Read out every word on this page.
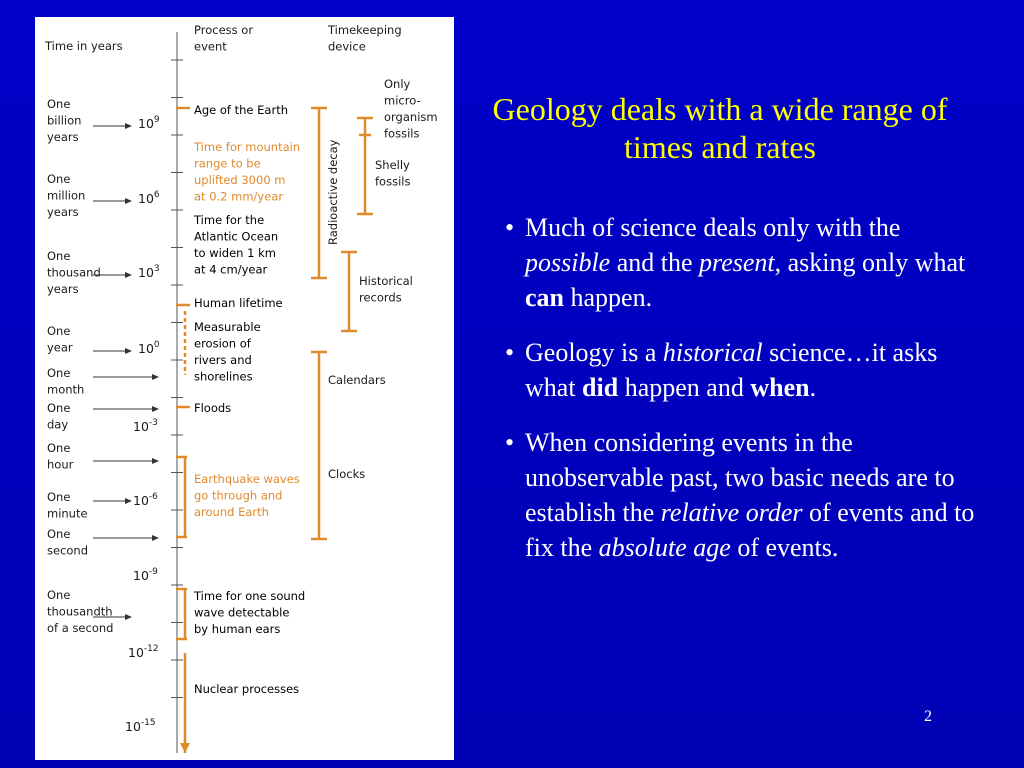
Time in years
Process or
event
Timekeeping
device
One
billion
years
One
million
years
One
thousand
years
One
year
One
month
One
day
One
hour
One
minute
One
second
One
thousandth
of a second
$10^9$
$10^6$
$10^3$
$10^0$
$10^{-3}$
$10^{-6}$
$10^{-9}$
$10^{-12}$
$10^{-15}$
Age of the Earth
Time for mountain
range to be
uplifted 3000 m
at 0.2 mm/year
Time for the
Atlantic Ocean
to widen 1 km
at 4 cm/year
Human lifetime
Measurable
erosion of
rivers and
shorelines
Floods
Earthquake waves
go through and
around Earth
Time for one sound
wave detectable
by human ears
Nuclear processes
Only
micro-
organism
fossils
Shelly
fossils
Radioactive decay
Historical
records
Calendars
Clocks
Geology deals with a wide range of times and rates
• Much of science deals only with the possible and the present, asking only what can happen.
• Geology is a historical science…it asks what did happen and when.
• When considering events in the unobservable past, two basic needs are to establish the relative order of events and to fix the absolute age of events.
2
